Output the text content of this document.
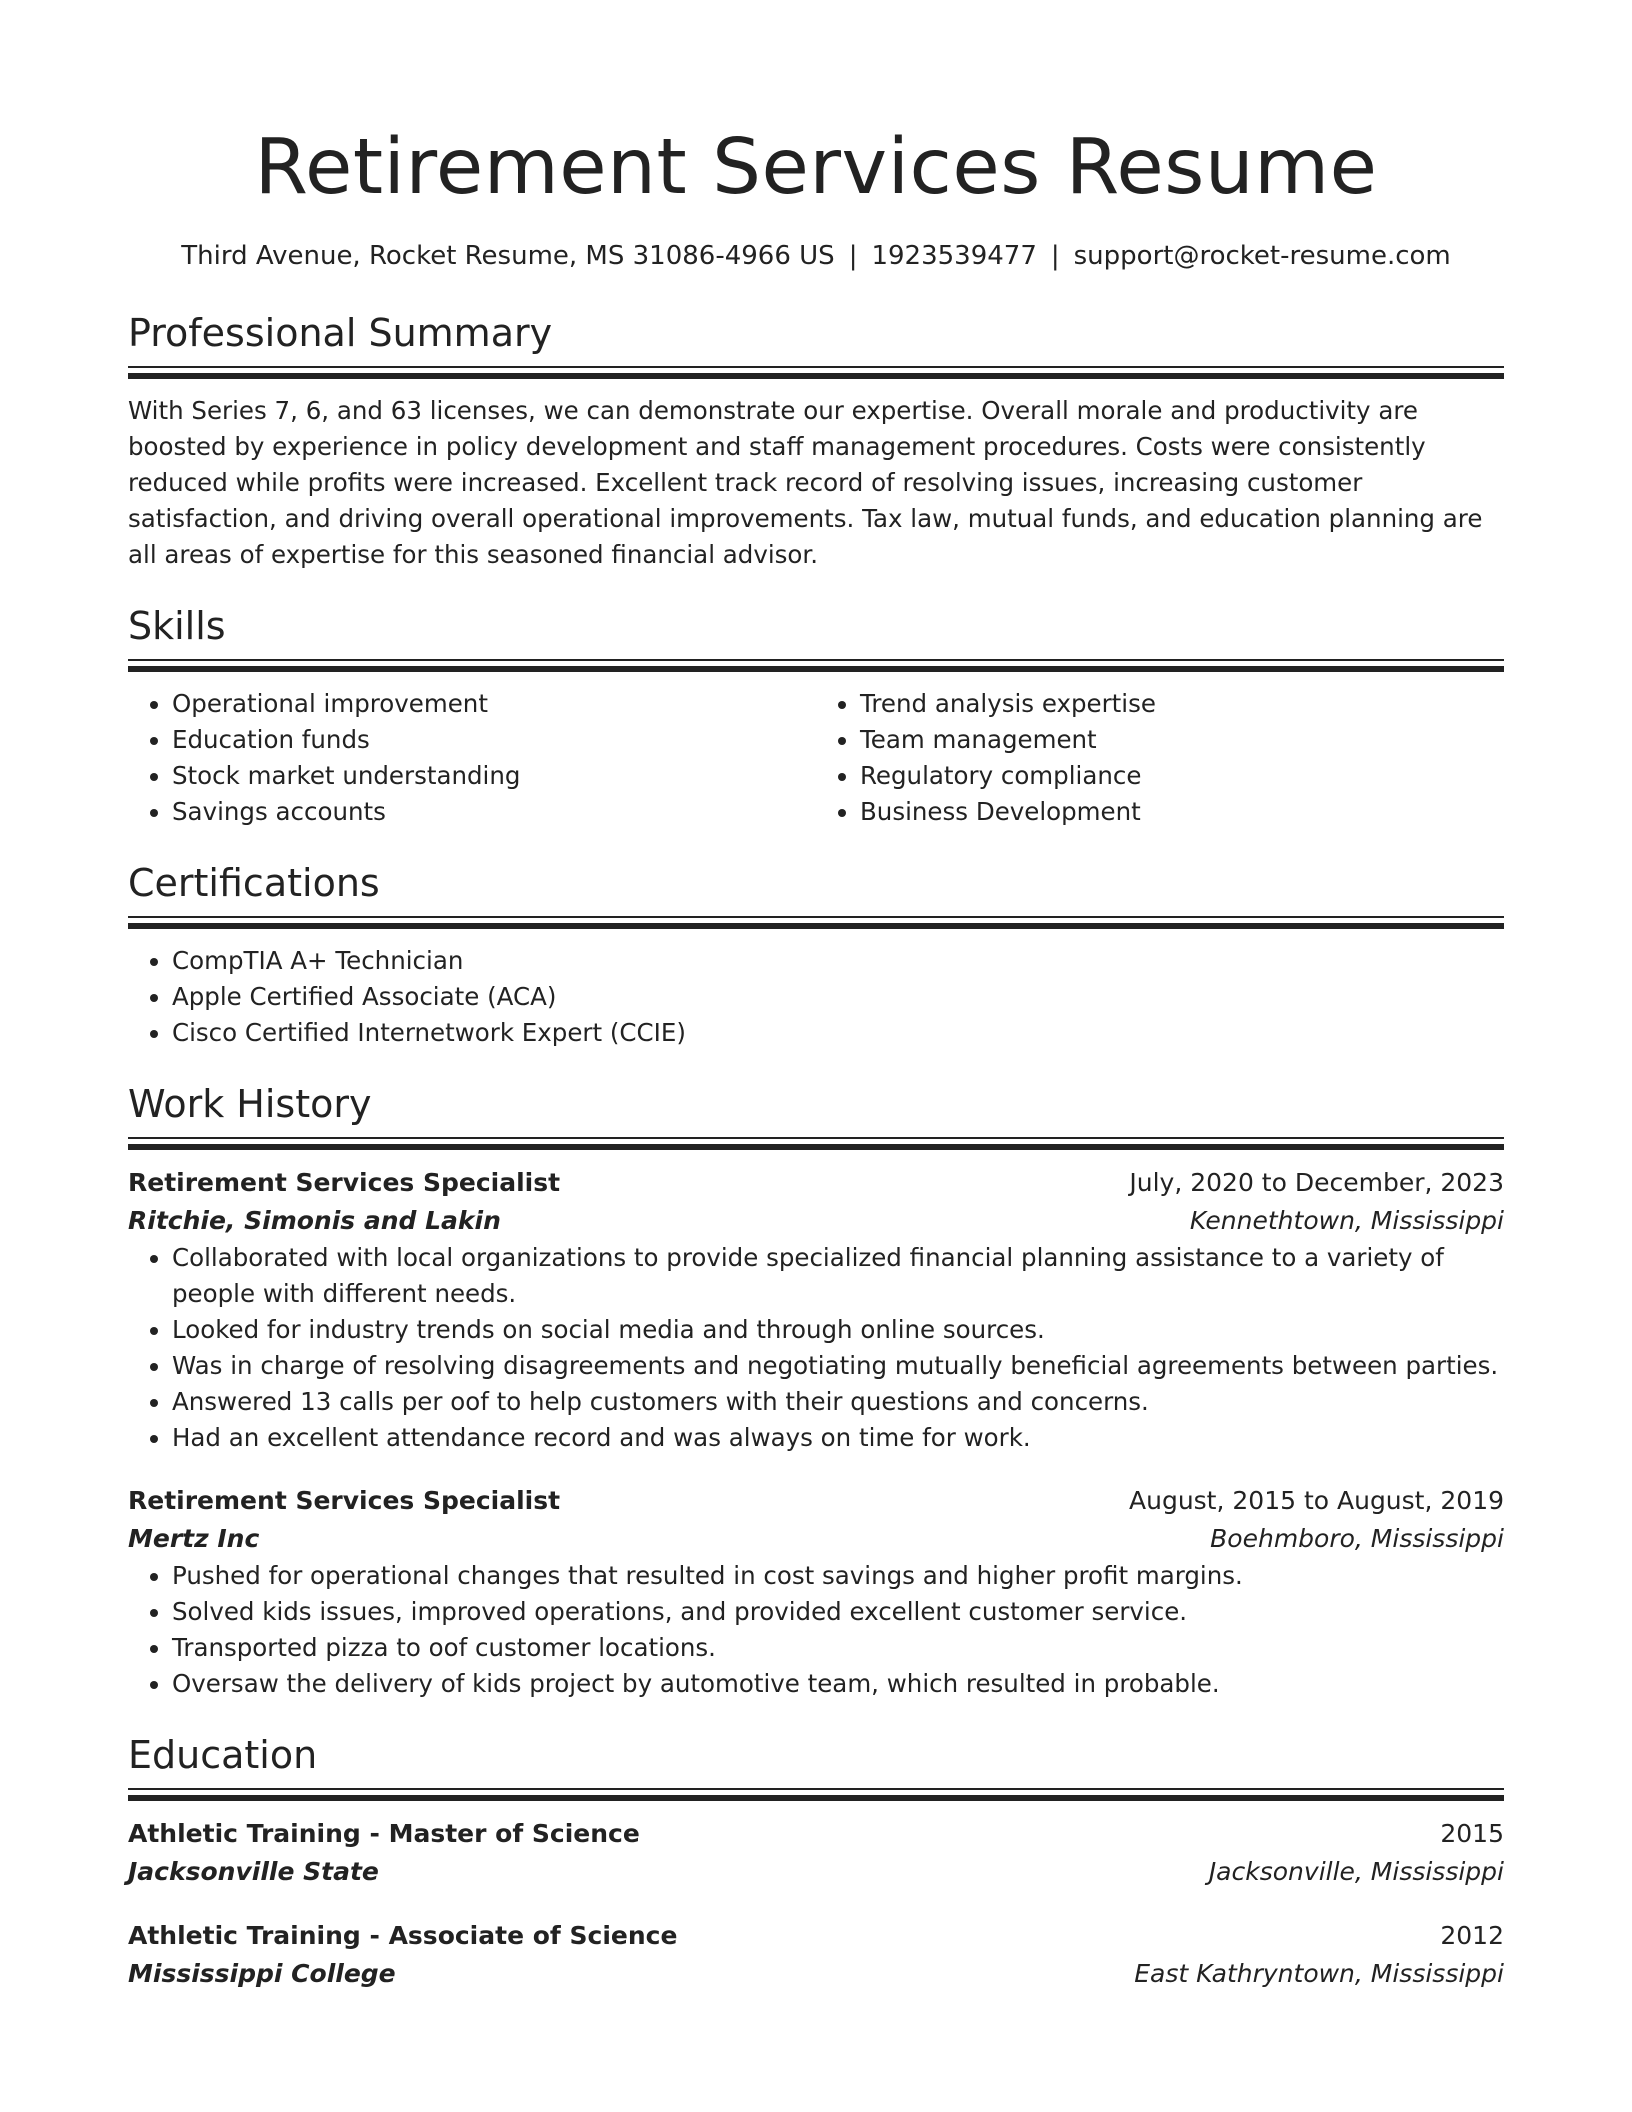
Retirement Services Resume
Third Avenue, Rocket Resume, MS 31086-4966 US | 1923539477 | support@rocket-resume.com
Professional Summary

With Series 7, 6, and 63 licenses, we can demonstrate our expertise. Overall morale and productivity are boosted by experience in policy development and staff management procedures. Costs were consistently reduced while profits were increased. Excellent track record of resolving issues, increasing customer satisfaction, and driving overall operational improvements. Tax law, mutual funds, and education planning are all areas of expertise for this seasoned financial advisor.

Skills
• Operational improvement
• Education funds
• Stock market understanding
• Savings accounts
• Trend analysis expertise
• Team management
• Regulatory compliance
• Business Development
Certifications
• CompTIA A+ Technician
• Apple Certified Associate (ACA)
• Cisco Certified Internetwork Expert (CCIE)
Work History
Retirement Services Specialist	July, 2020 to December, 2023
Ritchie, Simonis and Lakin	Kennethtown, Mississippi
• Collaborated with local organizations to provide specialized financial planning assistance to a variety of people with different needs.
• Looked for industry trends on social media and through online sources.
• Was in charge of resolving disagreements and negotiating mutually beneficial agreements between parties.
• Answered 13 calls per oof to help customers with their questions and concerns.
• Had an excellent attendance record and was always on time for work.
Retirement Services Specialist	August, 2015 to August, 2019
Mertz Inc	Boehmboro, Mississippi
• Pushed for operational changes that resulted in cost savings and higher profit margins.
• Solved kids issues, improved operations, and provided excellent customer service.
• Transported pizza to oof customer locations.
• Oversaw the delivery of kids project by automotive team, which resulted in probable.
Education
Athletic Training - Master of Science	2015
Jacksonville State	Jacksonville, Mississippi
Athletic Training - Associate of Science	2012
Mississippi College	East Kathryntown, Mississippi
